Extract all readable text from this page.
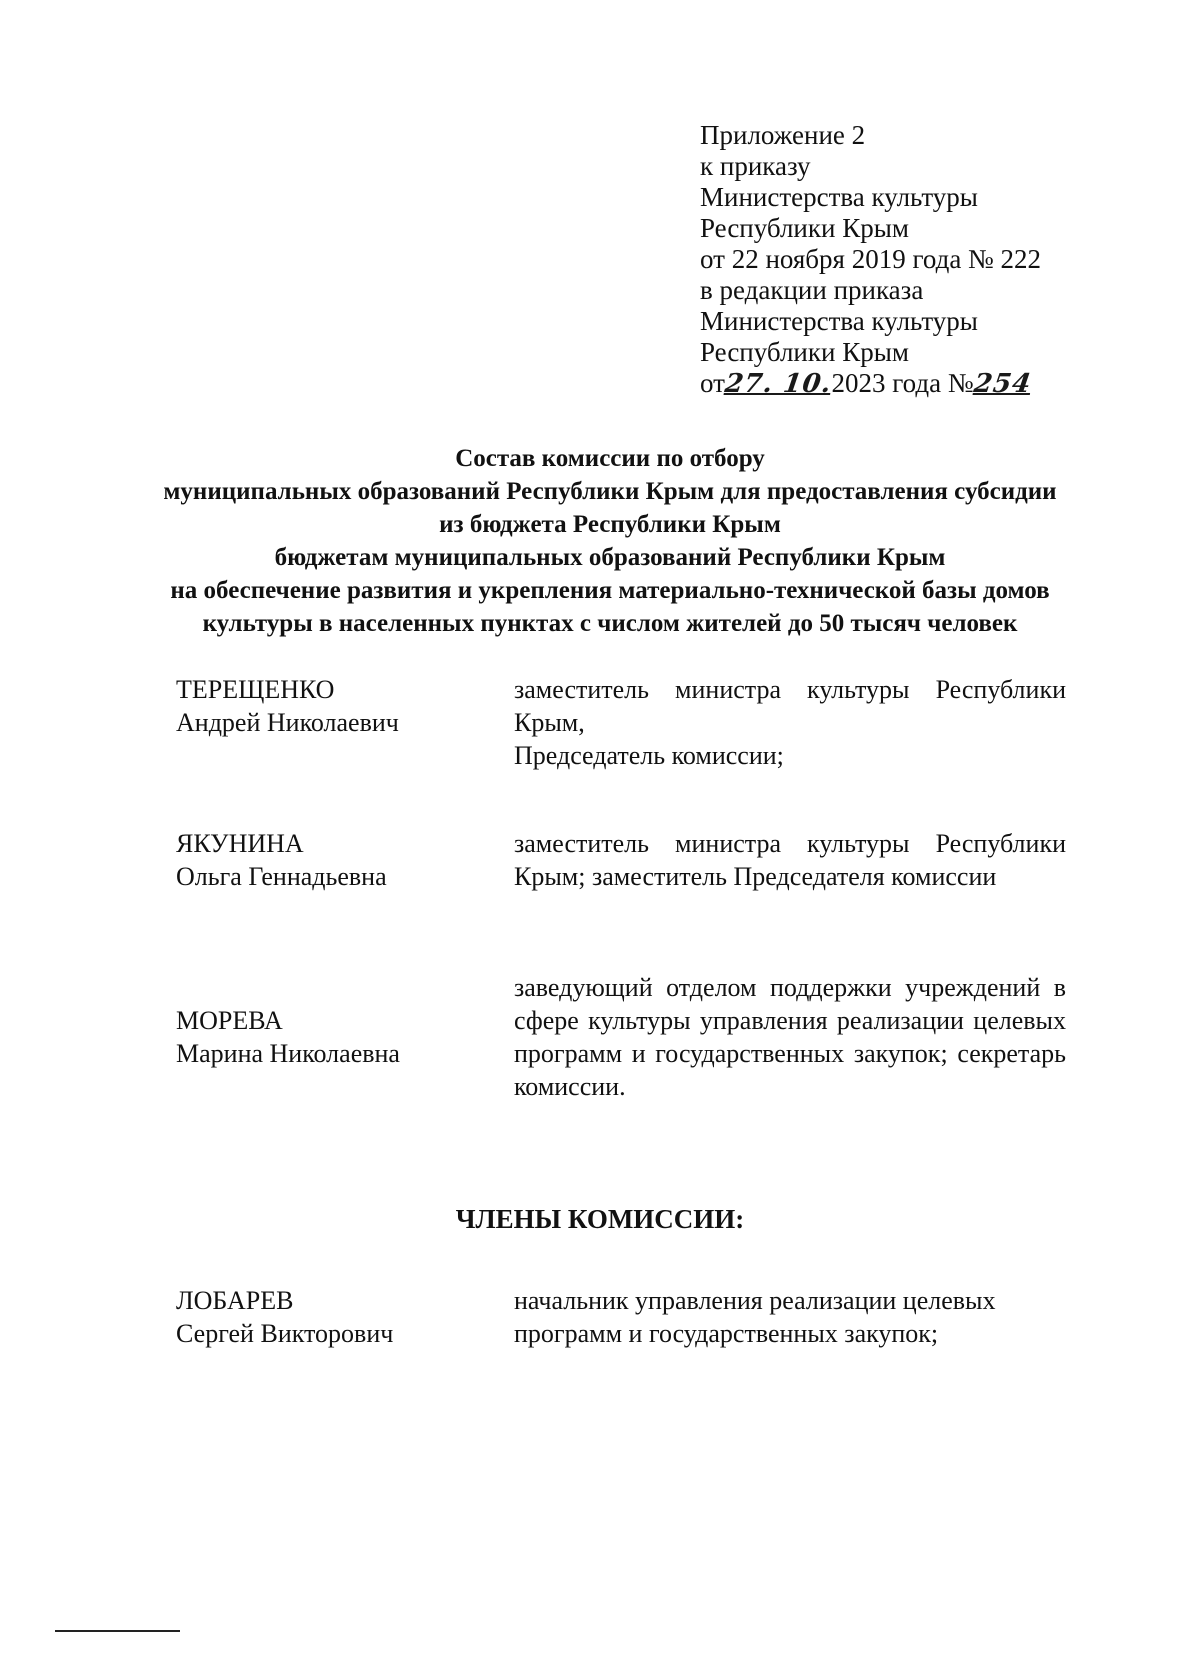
Приложение 2
к приказу
Министерства культуры
Республики Крым
от 22 ноября 2019 года № 222
в редакции приказа
Министерства культуры
Республики Крым
от27. 10.2023 года №254
Состав комиссии по отбору
муниципальных образований Республики Крым для предоставления субсидии
из бюджета Республики Крым
бюджетам муниципальных образований Республики Крым
на обеспечение развития и укрепления материально-технической базы домов
культуры в населенных пунктах с числом жителей до 50 тысяч человек
ТЕРЕЩЕНКО
Андрей Николаевич
заместитель министра культуры Республики Крым,
Председатель комиссии;
ЯКУНИНА
Ольга Геннадьевна
заместитель министра культуры Республики Крым; заместитель Председателя комиссии
МОРЕВА
Марина Николаевна
заведующий отделом поддержки учреждений в сфере культуры управления реализации целевых программ и государственных закупок; секретарь комиссии.
ЧЛЕНЫ КОМИССИИ:
ЛОБАРЕВ
Сергей Викторович
начальник управления реализации целевых
программ и государственных закупок;
